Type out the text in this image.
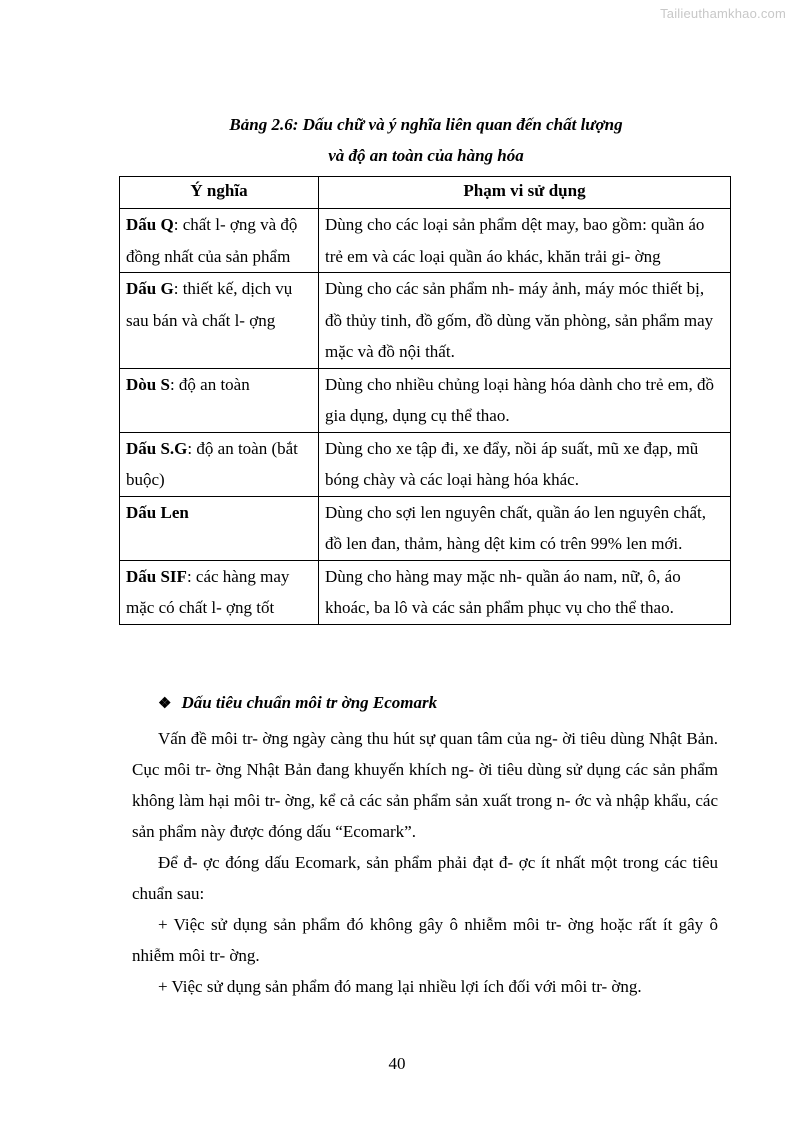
Tailieuthamkhao.com
Bảng 2.6: Dấu chữ và ý nghĩa liên quan đến chất lượng
và độ an toàn của hàng hóa
Ý nghĩa	Phạm vi sử dụng
Dấu Q: chất l- ợng và độ đồng nhất của sản phẩm	Dùng cho các loại sản phẩm dệt may, bao gồm: quần áo trẻ em và các loại quần áo khác, khăn trải gi- ờng
Dấu G: thiết kế, dịch vụ sau bán và chất l- ợng	Dùng cho các sản phẩm nh- máy ảnh, máy móc thiết bị, đồ thủy tinh, đồ gốm, đồ dùng văn phòng, sản phẩm may mặc và đồ nội thất.
Dòu S: độ an toàn	Dùng cho nhiều chủng loại hàng hóa dành cho trẻ em, đồ gia dụng, dụng cụ thể thao.
Dấu S.G: độ an toàn (bắt buộc)	Dùng cho xe tập đi, xe đẩy, nồi áp suất, mũ xe đạp, mũ bóng chày và các loại hàng hóa khác.
Dấu Len	Dùng cho sợi len nguyên chất, quần áo len nguyên chất, đồ len đan, thảm, hàng dệt kim có trên 99% len mới.
Dấu SIF: các hàng may mặc có chất l- ợng tốt	Dùng cho hàng may mặc nh- quần áo nam, nữ, ô, áo khoác, ba lô và các sản phẩm phục vụ cho thể thao.
❖ Dấu tiêu chuẩn môi tr ờng Ecomark

Vấn đề môi tr- ờng ngày càng thu hút sự quan tâm của ng- ời tiêu dùng Nhật Bản. Cục môi tr- ờng Nhật Bản đang khuyến khích ng- ời tiêu dùng sử dụng các sản phẩm không làm hại môi tr- ờng, kể cả các sản phẩm sản xuất trong n- ớc và nhập khẩu, các sản phẩm này được đóng dấu “Ecomark”.

Để đ- ợc đóng dấu Ecomark, sản phẩm phải đạt đ- ợc ít nhất một trong các tiêu chuẩn sau:

+ Việc sử dụng sản phẩm đó không gây ô nhiễm môi tr- ờng hoặc rất ít gây ô nhiễm môi tr- ờng.

+ Việc sử dụng sản phẩm đó mang lại nhiều lợi ích đối với môi tr- ờng.

40
